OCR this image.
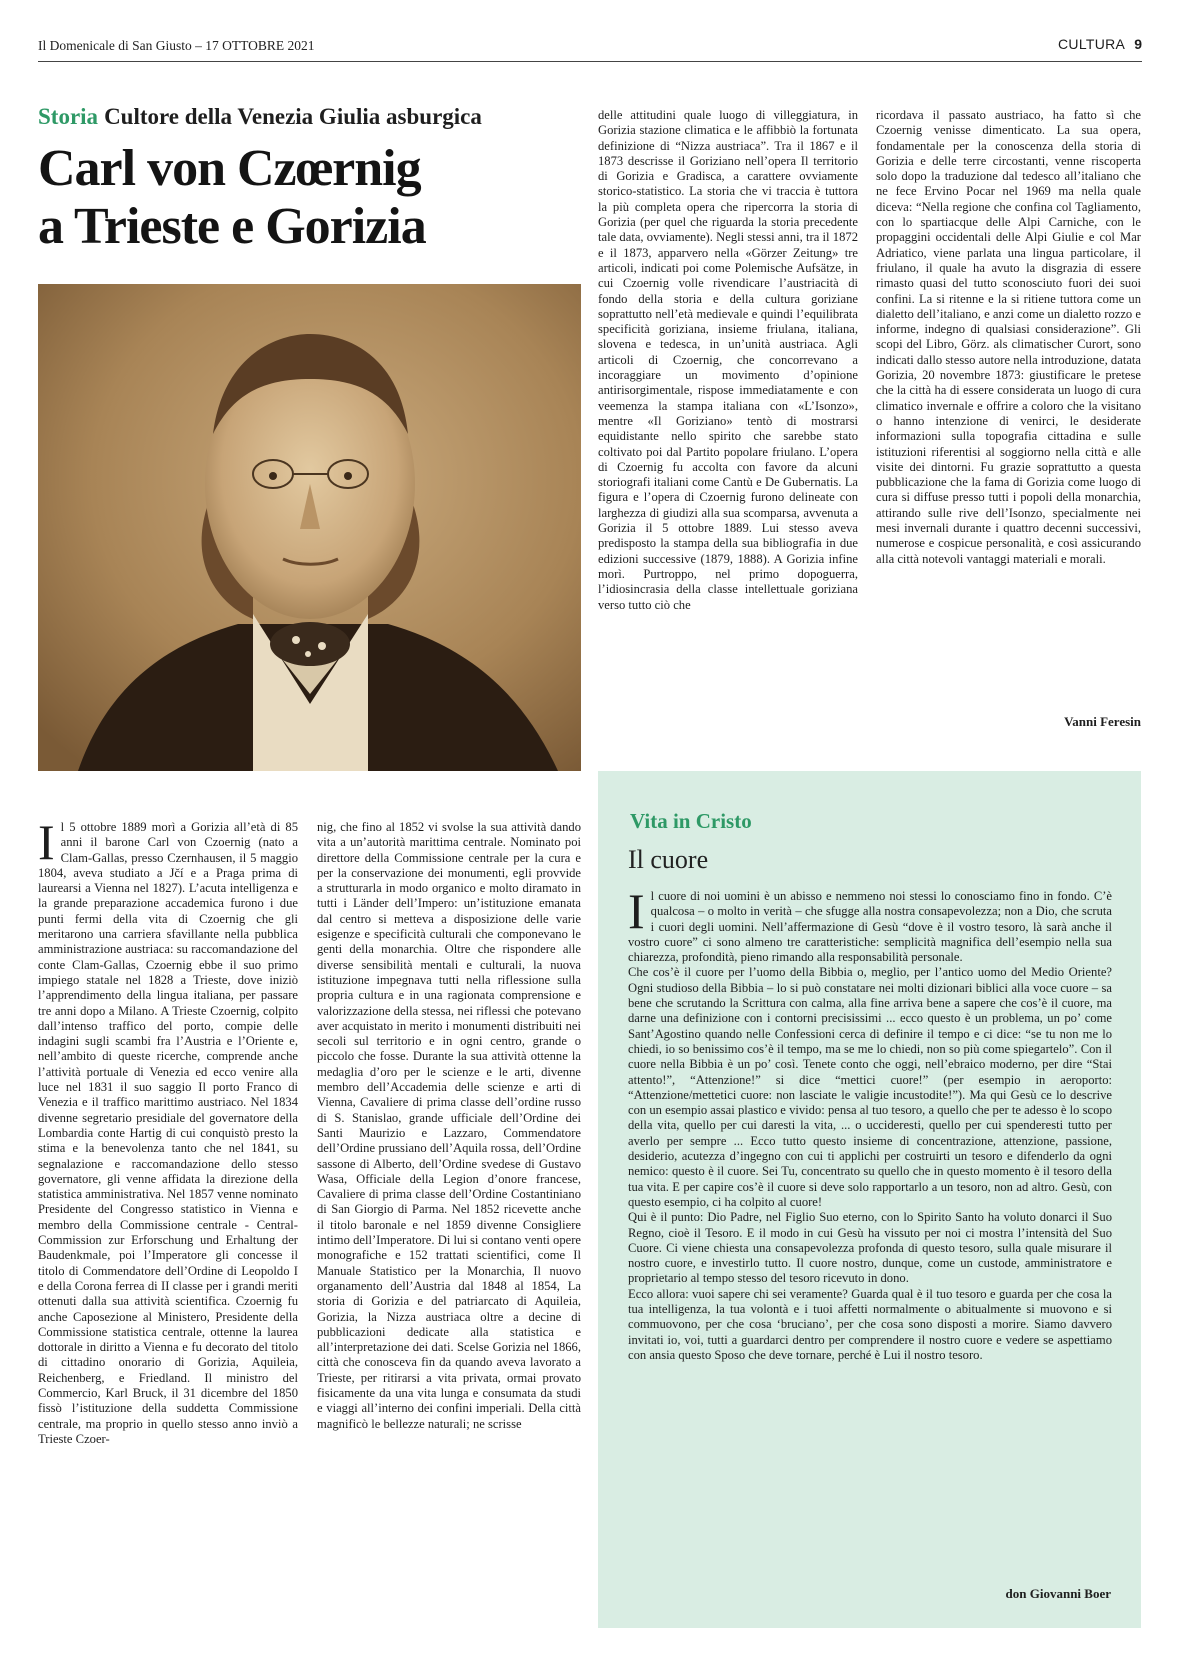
Il Domenicale di San Giusto – 17 OTTOBRE 2021	CULTURA 9
Storia Cultore della Venezia Giulia asburgica
Carl von Czœrnig
a Trieste e Gorizia

delle attitudini quale luogo di villeggiatura, in Gorizia stazione climatica e le affibbiò la fortunata definizione di “Nizza austriaca”. Tra il 1867 e il 1873 descrisse il Goriziano nell’opera Il territorio di Gorizia e Gradisca, a carattere ovviamente storico-statistico. La storia che vi traccia è tuttora la più completa opera che ripercorra la storia di Gorizia (per quel che riguarda la storia precedente tale data, ovviamente). Negli stessi anni, tra il 1872 e il 1873, apparvero nella «Görzer Zeitung» tre articoli, indicati poi come Polemische Aufsätze, in cui Czoernig volle rivendicare l’austriacità di fondo della storia e della cultura goriziane soprattutto nell’età medievale e quindi l’equilibrata specificità goriziana, insieme friulana, italiana, slovena e tedesca, in un’unità austriaca. Agli articoli di Czoernig, che concorrevano a incoraggiare un movimento d’opinione antirisorgimentale, rispose immediatamente e con veemenza la stampa italiana con «L’Isonzo», mentre «Il Goriziano» tentò di mostrarsi equidistante nello spirito che sarebbe stato coltivato poi dal Partito popolare friulano. L’opera di Czoernig fu accolta con favore da alcuni storiografi italiani come Cantù e De Gubernatis. La figura e l’opera di Czoernig furono delineate con larghezza di giudizi alla sua scomparsa, avvenuta a Gorizia il 5 ottobre 1889. Lui stesso aveva predisposto la stampa della sua bibliografia in due edizioni successive (1879, 1888). A Gorizia infine morì. Purtroppo, nel primo dopoguerra, l’idiosincrasia della classe intellettuale goriziana verso tutto ciò che

ricordava il passato austriaco, ha fatto sì che Czoernig venisse dimenticato. La sua opera, fondamentale per la conoscenza della storia di Gorizia e delle terre circostanti, venne riscoperta solo dopo la traduzione dal tedesco all’italiano che ne fece Ervino Pocar nel 1969 ma nella quale diceva: “Nella regione che confina col Tagliamento, con lo spartiacque delle Alpi Carniche, con le propaggini occidentali delle Alpi Giulie e col Mar Adriatico, viene parlata una lingua particolare, il friulano, il quale ha avuto la disgrazia di essere rimasto quasi del tutto sconosciuto fuori dei suoi confini. La si ritenne e la si ritiene tuttora come un dialetto dell’italiano, e anzi come un dialetto rozzo e informe, indegno di qualsiasi considerazione”. Gli scopi del Libro, Görz. als climatischer Curort, sono indicati dallo stesso autore nella introduzione, datata Gorizia, 20 novembre 1873: giustificare le pretese che la città ha di essere considerata un luogo di cura climatico invernale e offrire a coloro che la visitano o hanno intenzione di venirci, le desiderate informazioni sulla topografia cittadina e sulle istituzioni riferentisi al soggiorno nella città e alle visite dei dintorni. Fu grazie soprattutto a questa pubblicazione che la fama di Gorizia come luogo di cura si diffuse presso tutti i popoli della monarchia, attirando sulle rive dell’Isonzo, specialmente nei mesi invernali durante i quattro decenni successivi, numerose e cospicue personalità, e così assicurando alla città notevoli vantaggi materiali e morali.

Vanni Feresin
I l 5 ottobre 1889 morì a Gorizia all’età di 85 anni il barone Carl von Czoernig (nato a Clam-Gallas, presso Czernhausen, il 5 maggio 1804, aveva studiato a Jčí e a Praga prima di laurearsi a Vienna nel 1827). L’acuta intelligenza e la grande preparazione accademica furono i due punti fermi della vita di Czoernig che gli meritarono una carriera sfavillante nella pubblica amministrazione austriaca: su raccomandazione del conte Clam-Gallas, Czoernig ebbe il suo primo impiego statale nel 1828 a Trieste, dove iniziò l’apprendimento della lingua italiana, per passare tre anni dopo a Milano. A Trieste Czoernig, colpito dall’intenso traffico del porto, compie delle indagini sugli scambi fra l’Austria e l’Oriente e, nell’ambito di queste ricerche, comprende anche l’attività portuale di Venezia ed ecco venire alla luce nel 1831 il suo saggio Il porto Franco di Venezia e il traffico marittimo austriaco. Nel 1834 divenne segretario presidiale del governatore della Lombardia conte Hartig di cui conquistò presto la stima e la benevolenza tanto che nel 1841, su segnalazione e raccomandazione dello stesso governatore, gli venne affidata la direzione della statistica amministrativa. Nel 1857 venne nominato Presidente del Congresso statistico in Vienna e membro della Commissione centrale - Central-Commission zur Erforschung und Erhaltung der Baudenkmale, poi l’Imperatore gli concesse il titolo di Commendatore dell’Ordine di Leopoldo I e della Corona ferrea di II classe per i grandi meriti ottenuti dalla sua attività scientifica. Czoernig fu anche Caposezione al Ministero, Presidente della Commissione statistica centrale, ottenne la laurea dottorale in diritto a Vienna e fu decorato del titolo di cittadino onorario di Gorizia, Aquileia, Reichenberg, e Friedland. Il ministro del Commercio, Karl Bruck, il 31 dicembre del 1850 fissò l’istituzione della suddetta Commissione centrale, ma proprio in quello stesso anno inviò a Trieste Czoer-

nig, che fino al 1852 vi svolse la sua attività dando vita a un’autorità marittima centrale. Nominato poi direttore della Commissione centrale per la cura e per la conservazione dei monumenti, egli provvide a strutturarla in modo organico e molto diramato in tutti i Länder dell’Impero: un’istituzione emanata dal centro si metteva a disposizione delle varie esigenze e specificità culturali che componevano le genti della monarchia. Oltre che rispondere alle diverse sensibilità mentali e culturali, la nuova istituzione impegnava tutti nella riflessione sulla propria cultura e in una ragionata comprensione e valorizzazione della stessa, nei riflessi che potevano aver acquistato in merito i monumenti distribuiti nei secoli sul territorio e in ogni centro, grande o piccolo che fosse. Durante la sua attività ottenne la medaglia d’oro per le scienze e le arti, divenne membro dell’Accademia delle scienze e arti di Vienna, Cavaliere di prima classe dell’ordine russo di S. Stanislao, grande ufficiale dell’Ordine dei Santi Maurizio e Lazzaro, Commendatore dell’Ordine prussiano dell’Aquila rossa, dell’Ordine sassone di Alberto, dell’Ordine svedese di Gustavo Wasa, Officiale della Legion d’onore francese, Cavaliere di prima classe dell’Ordine Costantiniano di San Giorgio di Parma. Nel 1852 ricevette anche il titolo baronale e nel 1859 divenne Consigliere intimo dell’Imperatore. Di lui si contano venti opere monografiche e 152 trattati scientifici, come Il Manuale Statistico per la Monarchia, Il nuovo organamento dell’Austria dal 1848 al 1854, La storia di Gorizia e del patriarcato di Aquileia, Gorizia, la Nizza austriaca oltre a decine di pubblicazioni dedicate alla statistica e all’interpretazione dei dati. Scelse Gorizia nel 1866, città che conosceva fin da quando aveva lavorato a Trieste, per ritirarsi a vita privata, ormai provato fisicamente da una vita lunga e consumata da studi e viaggi all’interno dei confini imperiali. Della città magnificò le bellezze naturali; ne scrisse

Vita in Cristo
Il cuore
I l cuore di noi uomini è un abisso e nemmeno noi stessi lo conosciamo fino in fondo. C’è qualcosa – o molto in verità – che sfugge alla nostra consapevolezza; non a Dio, che scruta i cuori degli uomini. Nell’affermazione di Gesù “dove è il vostro tesoro, là sarà anche il vostro cuore” ci sono almeno tre caratteristiche: semplicità magnifica dell’esempio nella sua chiarezza, profondità, pieno rimando alla responsabilità personale.

Che cos’è il cuore per l’uomo della Bibbia o, meglio, per l’antico uomo del Medio Oriente? Ogni studioso della Bibbia – lo si può constatare nei molti dizionari biblici alla voce cuore – sa bene che scrutando la Scrittura con calma, alla fine arriva bene a sapere che cos’è il cuore, ma darne una definizione con i contorni precisissimi ... ecco questo è un problema, un po’ come Sant’Agostino quando nelle Confessioni cerca di definire il tempo e ci dice: “se tu non me lo chiedi, io so benissimo cos’è il tempo, ma se me lo chiedi, non so più come spiegartelo”. Con il cuore nella Bibbia è un po’ così. Tenete conto che oggi, nell’ebraico moderno, per dire “Stai attento!”, “Attenzione!” si dice “mettici cuore!” (per esempio in aeroporto: “Attenzione/mettetici cuore: non lasciate le valigie incustodite!”). Ma qui Gesù ce lo descrive con un esempio assai plastico e vivido: pensa al tuo tesoro, a quello che per te adesso è lo scopo della vita, quello per cui daresti la vita, ... o uccideresti, quello per cui spenderesti tutto per averlo per sempre ... Ecco tutto questo insieme di concentrazione, attenzione, passione, desiderio, acutezza d’ingegno con cui ti applichi per costruirti un tesoro e difenderlo da ogni nemico: questo è il cuore. Sei Tu, concentrato su quello che in questo momento è il tesoro della tua vita. E per capire cos’è il cuore si deve solo rapportarlo a un tesoro, non ad altro. Gesù, con questo esempio, ci ha colpito al cuore!

Qui è il punto: Dio Padre, nel Figlio Suo eterno, con lo Spirito Santo ha voluto donarci il Suo Regno, cioè il Tesoro. E il modo in cui Gesù ha vissuto per noi ci mostra l’intensità del Suo Cuore. Ci viene chiesta una consapevolezza profonda di questo tesoro, sulla quale misurare il nostro cuore, e investirlo tutto. Il cuore nostro, dunque, come un custode, amministratore e proprietario al tempo stesso del tesoro ricevuto in dono.

Ecco allora: vuoi sapere chi sei veramente? Guarda qual è il tuo tesoro e guarda per che cosa la tua intelligenza, la tua volontà e i tuoi affetti normalmente o abitualmente si muovono e si commuovono, per che cosa ‘bruciano’, per che cosa sono disposti a morire. Siamo davvero invitati io, voi, tutti a guardarci dentro per comprendere il nostro cuore e vedere se aspettiamo con ansia questo Sposo che deve tornare, perché è Lui il nostro tesoro.

don Giovanni Boer
